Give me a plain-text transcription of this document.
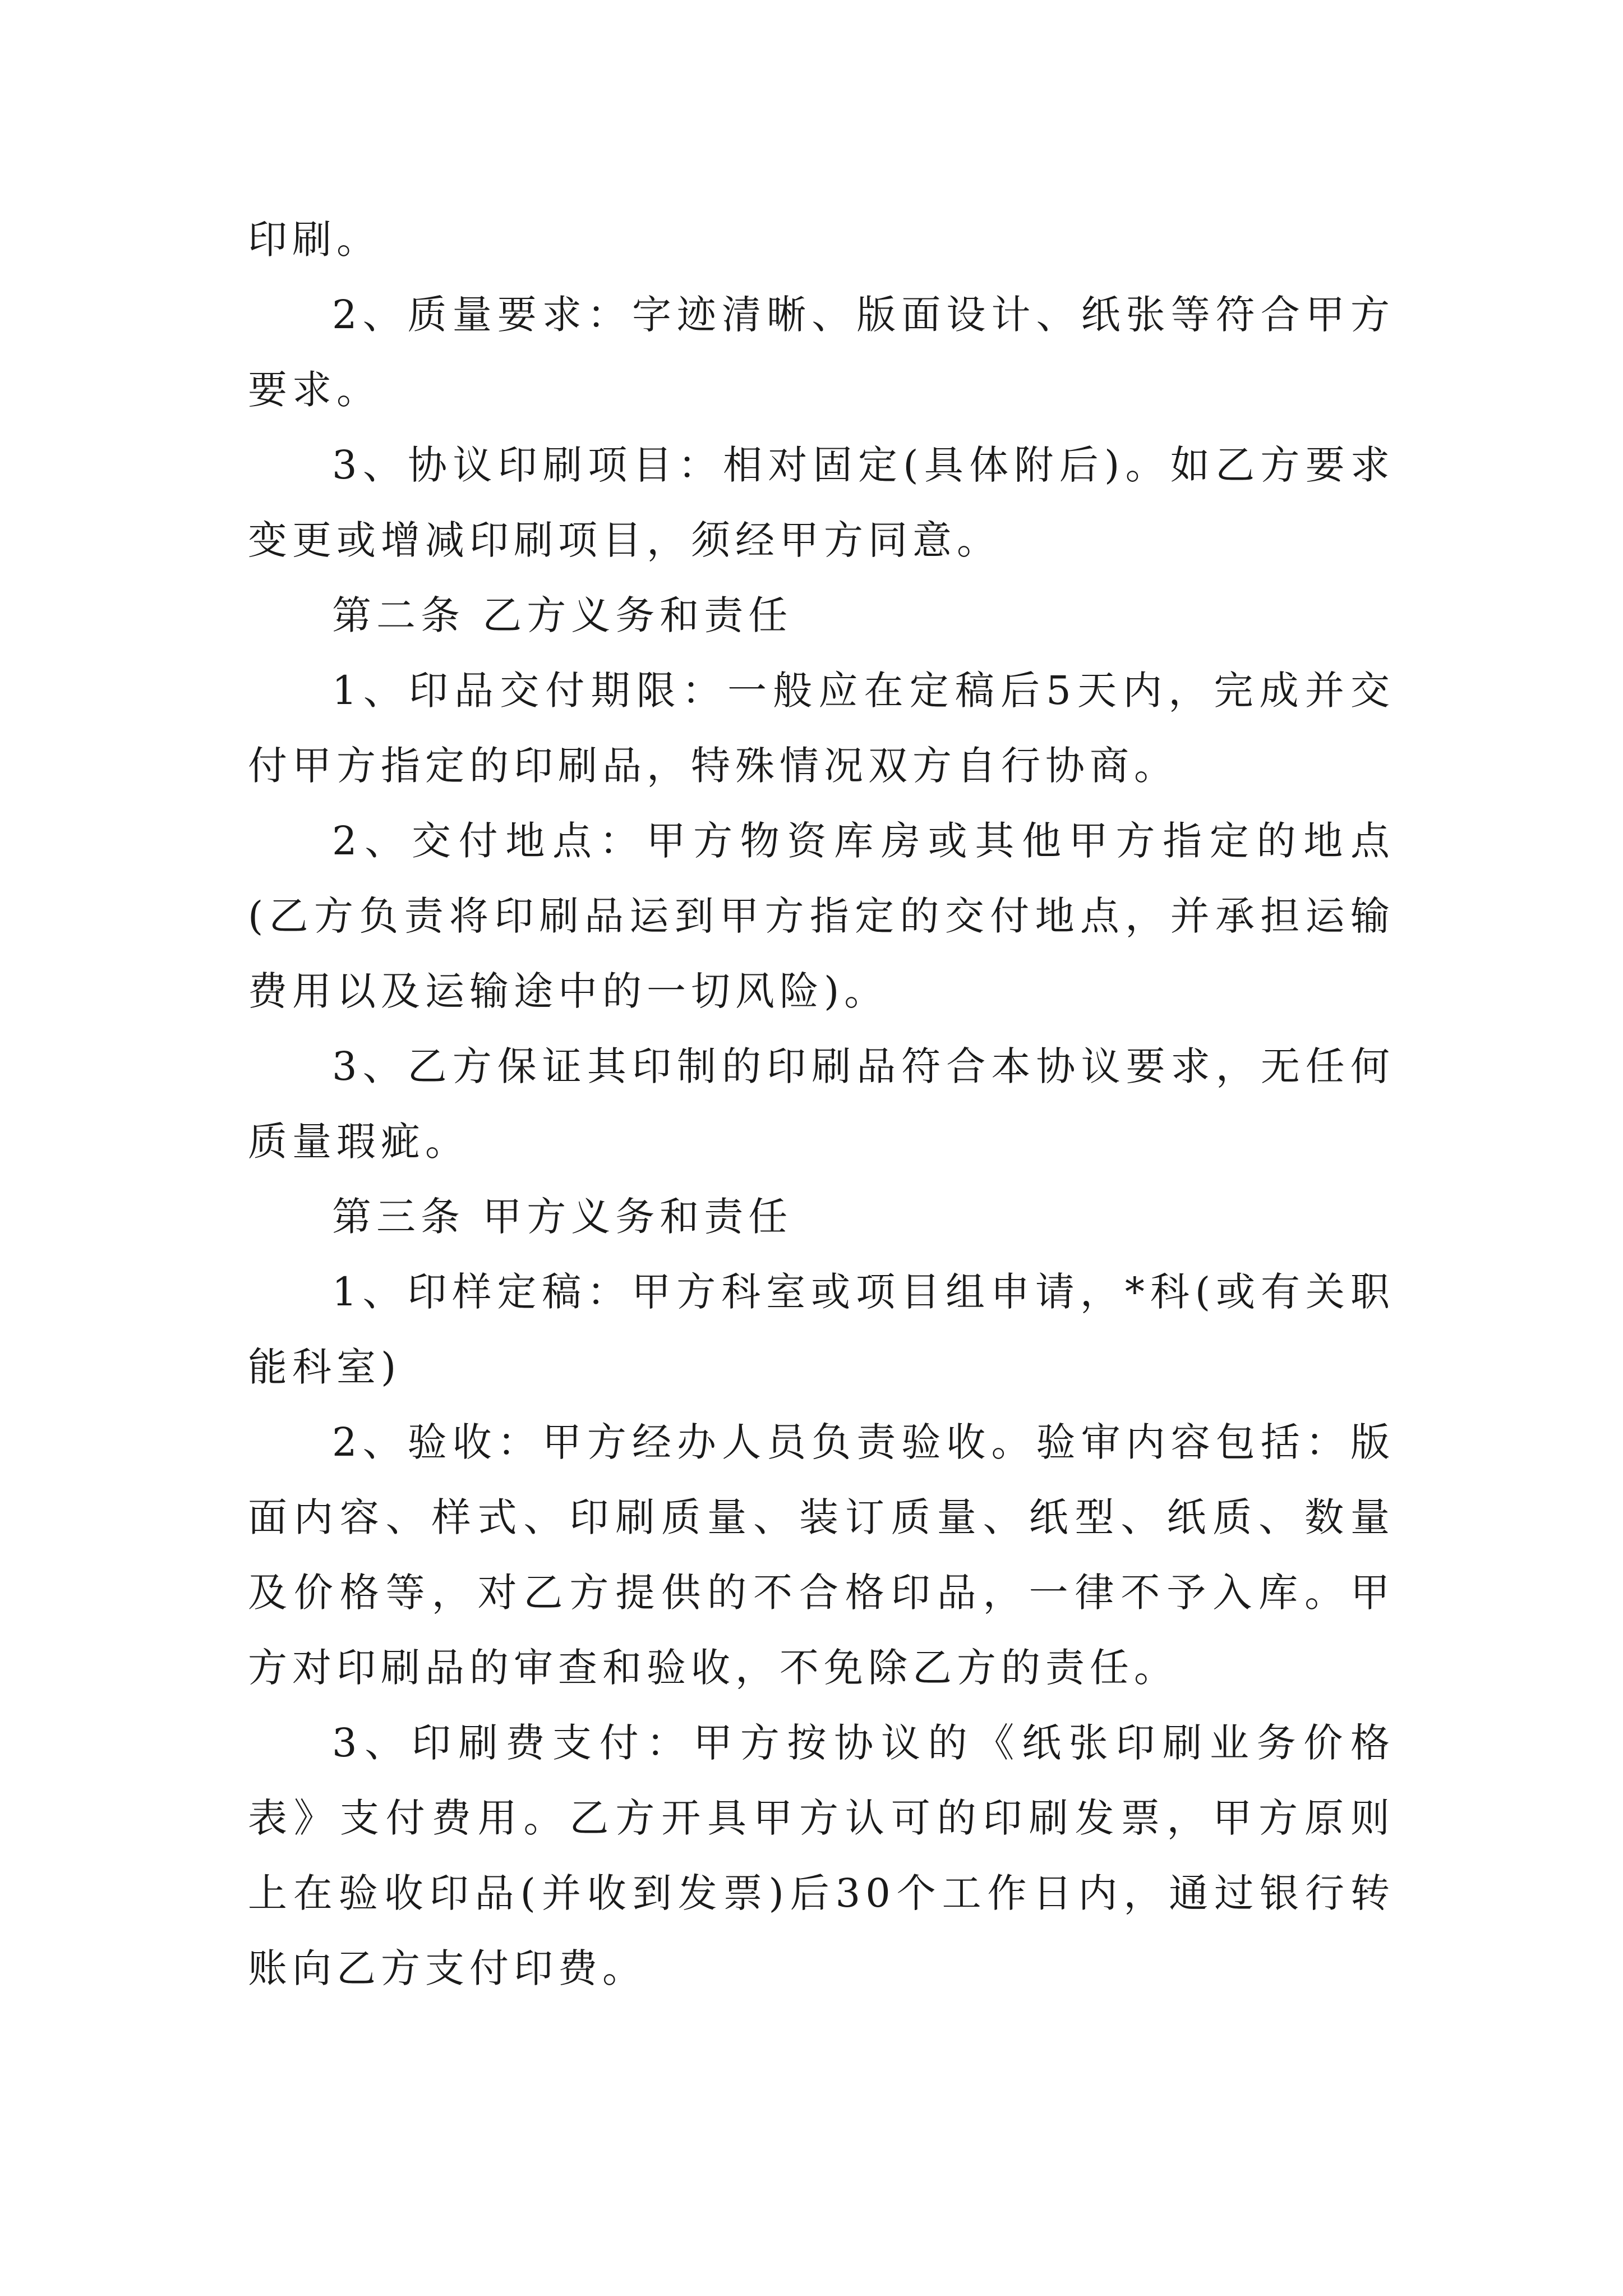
印刷。

2、质量要求：字迹清晰、版面设计、纸张等符合甲方要求。

3、协议印刷项目：相对固定(具体附后)。如乙方要求变更或增减印刷项目，须经甲方同意。

第二条 乙方义务和责任

1、印品交付期限：一般应在定稿后5天内，完成并交付甲方指定的印刷品，特殊情况双方自行协商。

2、交付地点：甲方物资库房或其他甲方指定的地点(乙方负责将印刷品运到甲方指定的交付地点，并承担运输费用以及运输途中的一切风险)。

3、乙方保证其印制的印刷品符合本协议要求，无任何质量瑕疵。

第三条 甲方义务和责任

1、印样定稿：甲方科室或项目组申请，*科(或有关职能科室)

2、验收：甲方经办人员负责验收。验审内容包括：版面内容、样式、印刷质量、装订质量、纸型、纸质、数量及价格等，对乙方提供的不合格印品，一律不予入库。甲方对印刷品的审查和验收，不免除乙方的责任。

3、印刷费支付：甲方按协议的《纸张印刷业务价格表》支付费用。乙方开具甲方认可的印刷发票，甲方原则上在验收印品(并收到发票)后30个工作日内，通过银行转账向乙方支付印费。
